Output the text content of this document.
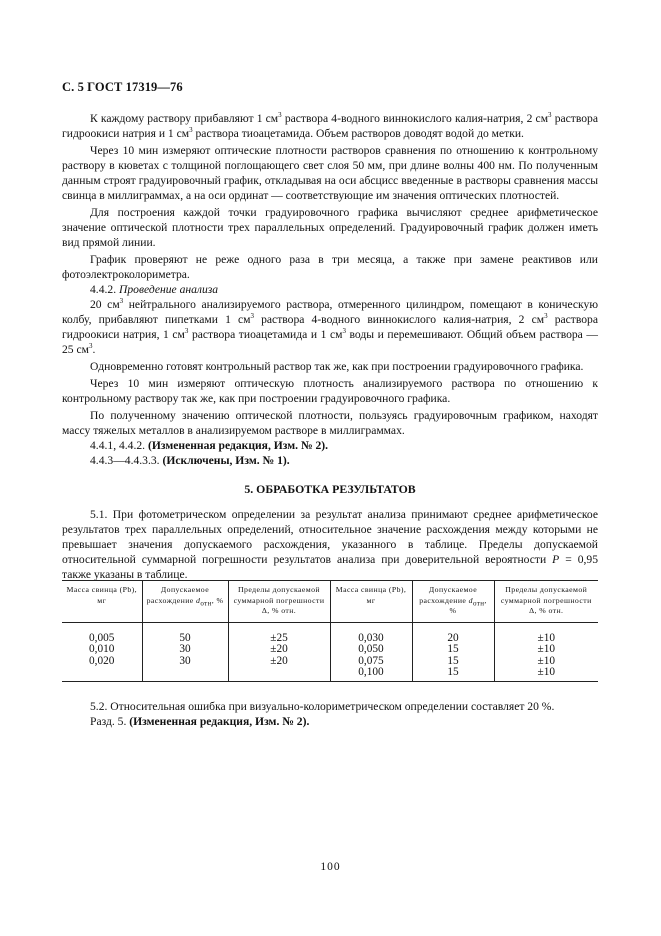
С. 5 ГОСТ 17319—76

К каждому раствору прибавляют 1 $см^3$ раствора 4-водного виннокислого калия-натрия, 2 $см^3$ раствора гидроокиси натрия и 1 $см^3$ раствора тиоацетамида. Объем растворов доводят водой до метки.

Через 10 мин измеряют оптические плотности растворов сравнения по отношению к контрольному раствору в кюветах с толщиной поглощающего свет слоя 50 мм, при длине волны 400 нм. По полученным данным строят градуировочный график, откладывая на оси абсцисс введенные в растворы сравнения массы свинца в миллиграммах, а на оси ординат — соответствующие им значения оптических плотностей.

Для построения каждой точки градуировочного графика вычисляют среднее арифметическое значение оптической плотности трех параллельных определений. Градуировочный график должен иметь вид прямой линии.

График проверяют не реже одного раза в три месяца, а также при замене реактивов или фотоэлектроколориметра.

4.4.2. Проведение анализа

20 $см^3$ нейтрального анализируемого раствора, отмеренного цилиндром, помещают в коническую колбу, прибавляют пипетками 1 $см^3$ раствора 4-водного виннокислого калия-натрия, 2 $см^3$ раствора гидроокиси натрия, 1 $см^3$ раствора тиоацетамида и 1 $см^3$ воды и перемешивают. Общий объем раствора — 25 $см^3$.

Одновременно готовят контрольный раствор так же, как при построении градуировочного графика.

Через 10 мин измеряют оптическую плотность анализируемого раствора по отношению к контрольному раствору так же, как при построении градуировочного графика.

По полученному значению оптической плотности, пользуясь градуировочным графиком, находят массу тяжелых металлов в анализируемом растворе в миллиграммах.

4.4.1, 4.4.2. (Измененная редакция, Изм. № 2).

4.4.3—4.4.3.3. (Исключены, Изм. № 1).

5. ОБРАБОТКА РЕЗУЛЬТАТОВ

5.1. При фотометрическом определении за результат анализа принимают среднее арифметическое результатов трех параллельных определений, относительное значение расхождения между которыми не превышает значения допускаемого расхождения, указанного в таблице. Пределы допускаемой относительной суммарной погрешности результатов анализа при доверительной вероятности P = 0,95 также указаны в таблице.

Масса свинца (Pb), мг	Допускаемое расхождение $d_{отн}$, %	Пределы допускаемой суммарной погрешности Δ, % отн.	Масса свинца (Pb), мг	Допускаемое расхождение $d_{отн}$, %	Пределы допускаемой суммарной погрешности Δ, % отн.
0,005	50	±25	0,030	20	±10
0,010	30	±20	0,050	15	±10
0,020	30	±20	0,075	15	±10
			0,100	15	±10

5.2. Относительная ошибка при визуально-колориметрическом определении составляет 20 %.

Разд. 5. (Измененная редакция, Изм. № 2).

100
